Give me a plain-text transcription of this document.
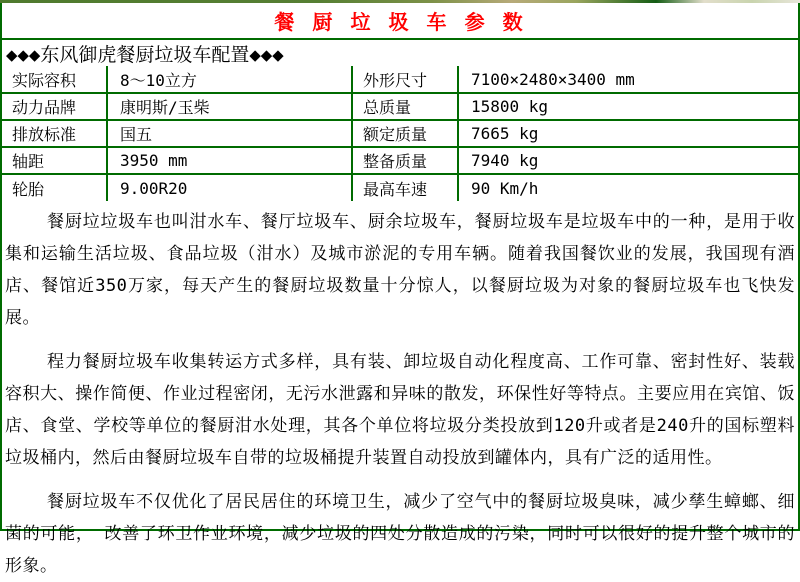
餐 厨 垃 圾 车 参 数
◆◆◆东风御虎餐厨垃圾车配置◆◆◆
实际容积	8～10立方	外形尺寸	7100×2480×3400 mm
动力品牌	康明斯/玉柴	总质量	15800 kg
排放标准	国五	额定质量	7665 kg
轴距	3950 mm	整备质量	7940 kg
轮胎	9.00R20	最高车速	90 Km/h

餐厨垃垃圾车也叫泔水车、餐厅垃圾车、厨余垃圾车，餐厨垃圾车是垃圾车中的一种，是用于收集和运输生活垃圾、食品垃圾（泔水）及城市淤泥的专用车辆。随着我国餐饮业的发展，我国现有酒店、餐馆近350万家，每天产生的餐厨垃圾数量十分惊人，以餐厨垃圾为对象的餐厨垃圾车也飞快发展。

程力餐厨垃圾车收集转运方式多样，具有装、卸垃圾自动化程度高、工作可靠、密封性好、装载容积大、操作简便、作业过程密闭，无污水泄露和异味的散发，环保性好等特点。主要应用在宾馆、饭店、食堂、学校等单位的餐厨泔水处理，其各个单位将垃圾分类投放到120升或者是240升的国标塑料垃圾桶内，然后由餐厨垃圾车自带的垃圾桶提升装置自动投放到罐体内，具有广泛的适用性。

餐厨垃圾车不仅优化了居民居住的环境卫生，减少了空气中的餐厨垃圾臭味，减少孳生蟑螂、细菌的可能， 改善了环卫作业环境，减少垃圾的四处分散造成的污染，同时可以很好的提升整个城市的形象。
